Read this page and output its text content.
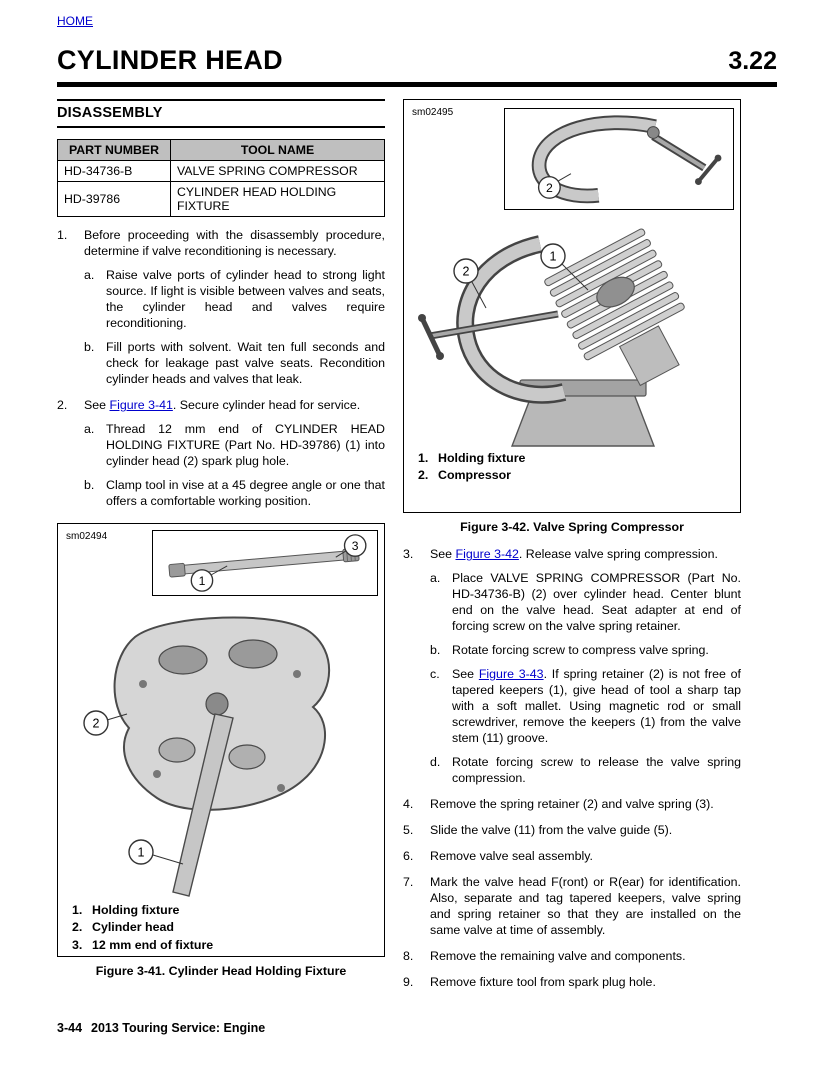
HOME
CYLINDER HEAD	3.22
DISASSEMBLY
PART NUMBER	TOOL NAME
HD-34736-B	VALVE SPRING COMPRESSOR
HD-39786	CYLINDER HEAD HOLDING FIXTURE
1.	Before proceeding with the disassembly procedure, determine if valve reconditioning is necessary.
a. Raise valve ports of cylinder head to strong light source. If light is visible between valves and seats, the cylinder head and valves require reconditioning.
b. Fill ports with solvent. Wait ten full seconds and check for leakage past valve seats. Recondition cylinder heads and valves that leak.
2.	See Figure 3-41. Secure cylinder head for service.
a. Thread 12 mm end of CYLINDER HEAD HOLDING FIXTURE (Part No. HD-39786) (1) into cylinder head (2) spark plug hole.
b. Clamp tool in vise at a 45 degree angle or one that offers a comfortable working position.
sm02494
3
1
2
1
1. Holding fixture
2. Cylinder head
3. 12 mm end of fixture
Figure 3-41. Cylinder Head Holding Fixture
sm02495
2
1
2
1. Holding fixture
2. Compressor
Figure 3-42. Valve Spring Compressor
3.	See Figure 3-42. Release valve spring compression.
a. Place VALVE SPRING COMPRESSOR (Part No. HD-34736-B) (2) over cylinder head. Center blunt end on the valve head. Seat adapter at end of forcing screw on the valve spring retainer.
b. Rotate forcing screw to compress valve spring.
c. See Figure 3-43. If spring retainer (2) is not free of tapered keepers (1), give head of tool a sharp tap with a soft mallet. Using magnetic rod or small screwdriver, remove the keepers (1) from the valve stem (11) groove.
d. Rotate forcing screw to release the valve spring compression.
4.	Remove the spring retainer (2) and valve spring (3).
5.	Slide the valve (11) from the valve guide (5).
6.	Remove valve seal assembly.
7.	Mark the valve head F(ront) or R(ear) for identification. Also, separate and tag tapered keepers, valve spring and spring retainer so that they are installed on the same valve at time of assembly.
8.	Remove the remaining valve and components.
9.	Remove fixture tool from spark plug hole.
3-44 2013 Touring Service: Engine
